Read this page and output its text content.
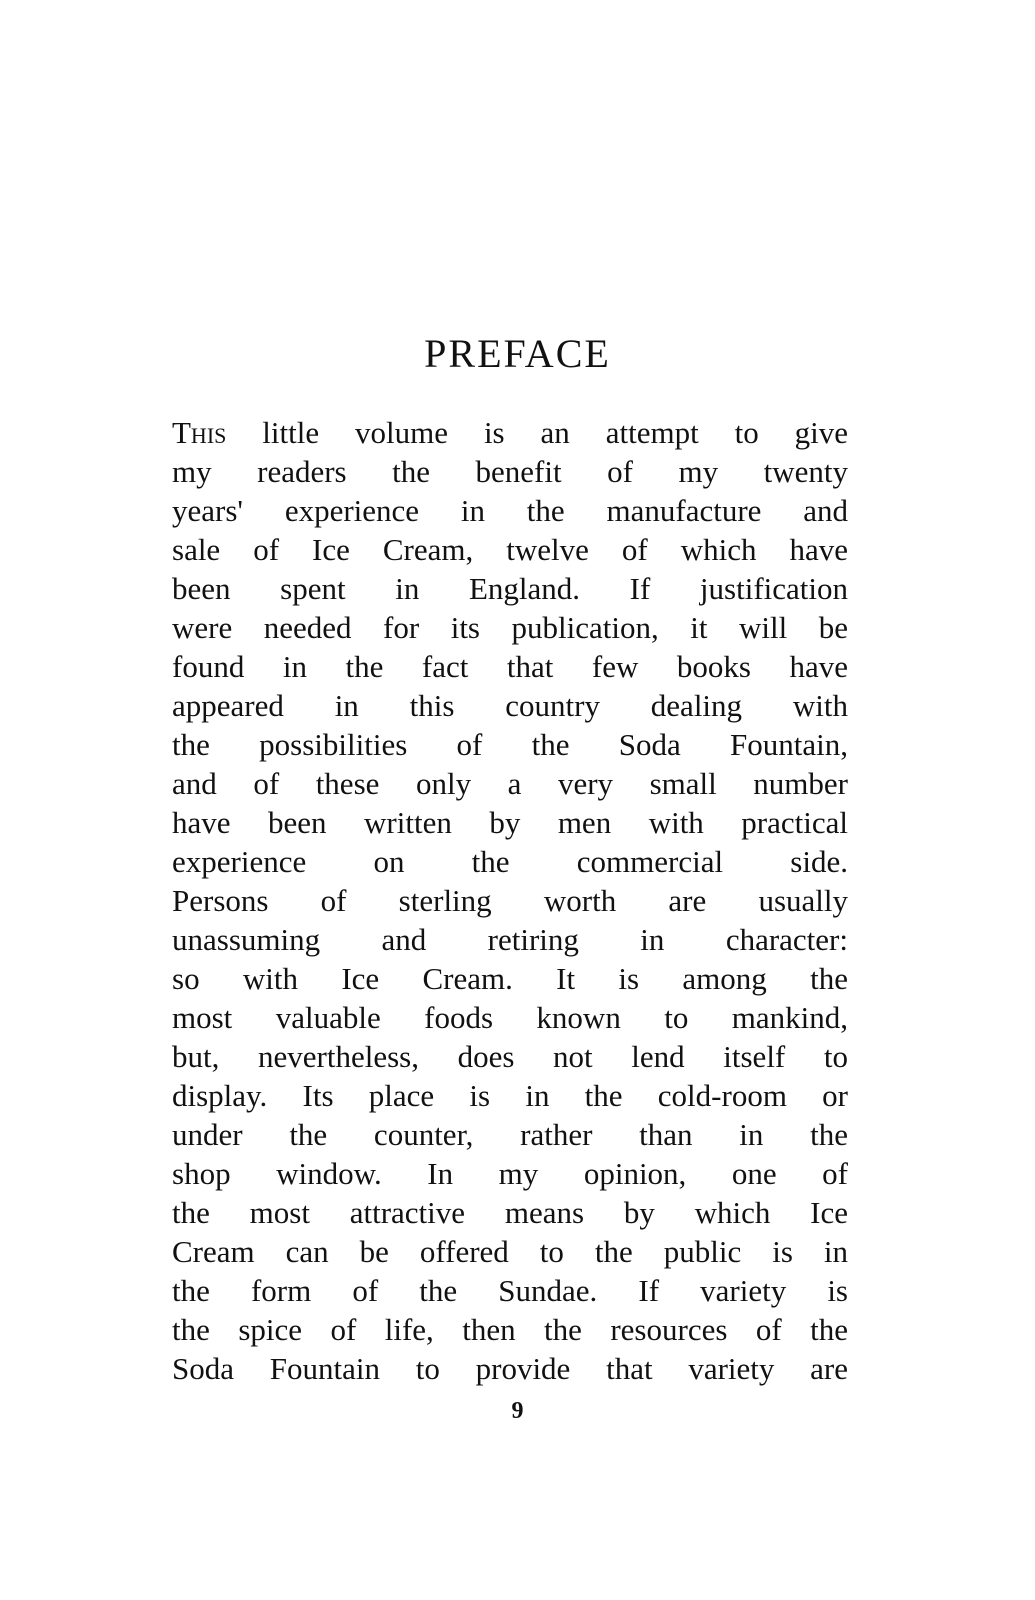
PREFACE
This little volume is an attempt to give
my readers the benefit of my twenty
years' experience in the manufacture and
sale of Ice Cream, twelve of which have
been spent in England. If justification
were needed for its publication, it will be
found in the fact that few books have
appeared in this country dealing with
the possibilities of the Soda Fountain,
and of these only a very small number
have been written by men with practical
experience on the commercial side.
Persons of sterling worth are usually
unassuming and retiring in character:
so with Ice Cream. It is among the
most valuable foods known to mankind,
but, nevertheless, does not lend itself to
display. Its place is in the cold-room or
under the counter, rather than in the
shop window. In my opinion, one of
the most attractive means by which Ice
Cream can be offered to the public is in
the form of the Sundae. If variety is
the spice of life, then the resources of the
Soda Fountain to provide that variety are
9
